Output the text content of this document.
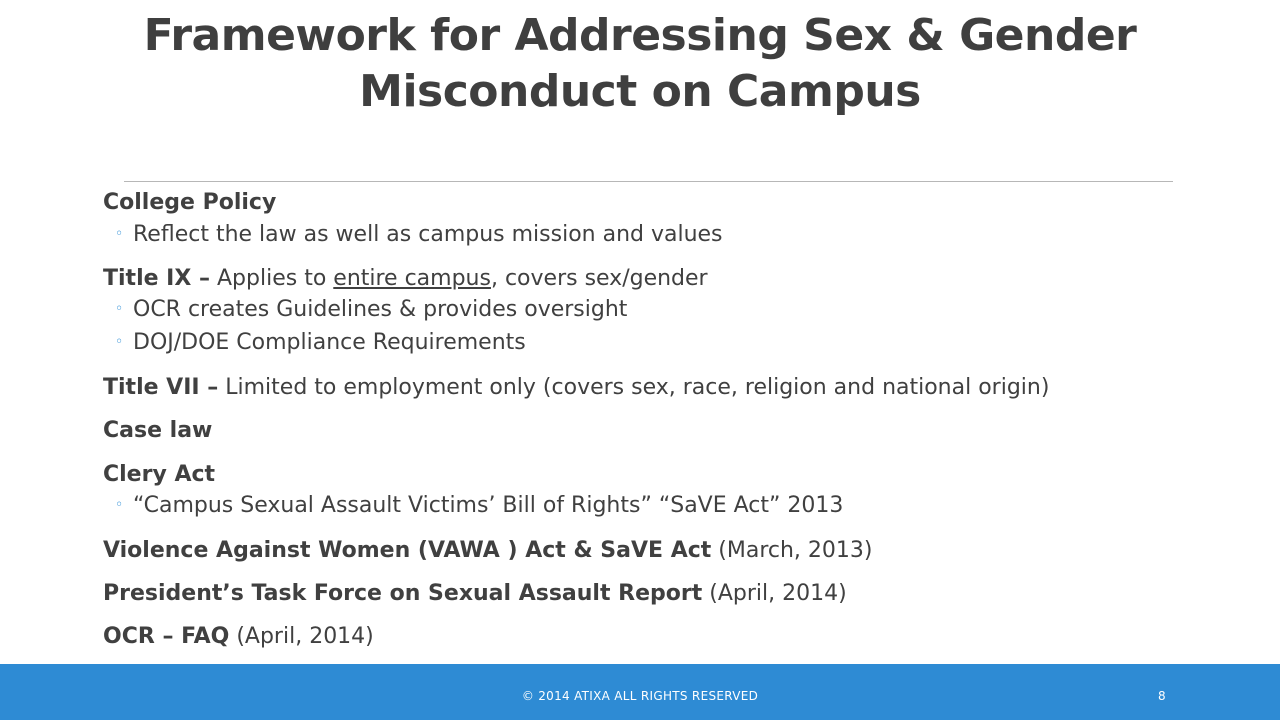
Framework for Addressing Sex & Gender Misconduct on Campus
College Policy
◦ Reflect the law as well as campus mission and values
Title IX – Applies to entire campus, covers sex/gender
◦ OCR creates Guidelines & provides oversight
◦ DOJ/DOE Compliance Requirements
Title VII – Limited to employment only (covers sex, race, religion and national origin)
Case law
Clery Act
◦ “Campus Sexual Assault Victims’ Bill of Rights” “SaVE Act” 2013
Violence Against Women (VAWA ) Act & SaVE Act (March, 2013)
President’s Task Force on Sexual Assault Report (April, 2014)
OCR – FAQ (April, 2014)
© 2014 ATIXA ALL RIGHTS RESERVED	8
